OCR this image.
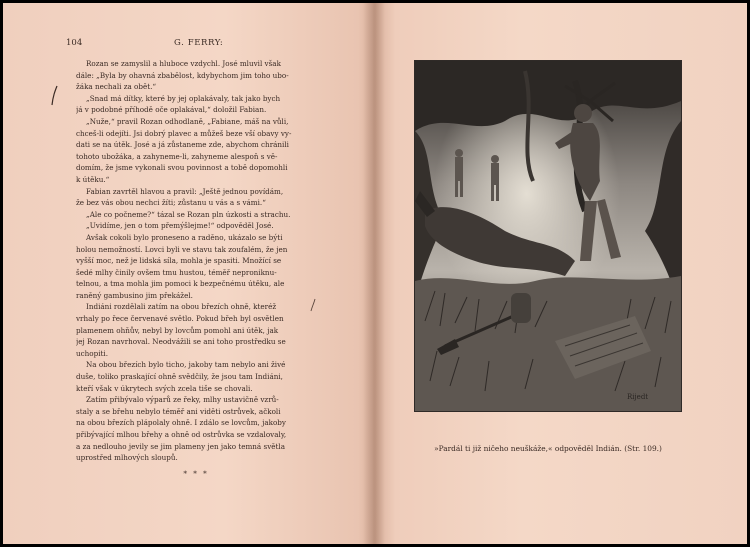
104	G. FERRY:
Rozan se zamyslil a hluboce vzdychl. José mluvil však
dále: „Byla by ohavná zbabělost, kdybychom jim toho ubo-
žáka nechali za obět.“
„Snad má dítky, které by jej oplakávaly, tak jako bych
já v podobné příhodě oče oplakával,“ doložil Fabian.
„Nuže,“ pravil Rozan odhodlaně, „Fabiane, máš na vůli,
chceš-li odejíti. Jsi dobrý plavec a můžeš beze vší obavy vy-
dati se na útěk. José a já zůstaneme zde, abychom chránili
tohoto ubožáka, a zahyneme-li, zahyneme alespoň s vě-
domím, že jsme vykonali svou povinnost a tobě dopomohli
k útěku.“
Fabian zavrtěl hlavou a pravil: „Ještě jednou povídám,
že bez vás obou nechci žíti; zůstanu u vás a s vámi.“
„Ale co počneme?“ tázal se Rozan pln úzkosti a strachu.
„Uvidíme, jen o tom přemýšlejme!“ odpověděl José.
Avšak cokoli bylo proneseno a raděno, ukázalo se býti
holou nemožností. Lovci byli ve stavu tak zoufalém, že jen
vyšší moc, než je lidská síla, mohla je spasiti. Množící se
šedé mlhy činily ovšem tmu hustou, téměř neproniknu-
telnou, a tma mohla jim pomoci k bezpečnému útěku, ale
raněný gambusino jim překážel.
Indiáni rozdělali zatím na obou březích ohně, kteréž
vrhaly po řece červenavé světlo. Pokud břeh byl osvětlen
plamenem ohňův, nebyl by lovcům pomohl ani útěk, jak
jej Rozan navrhoval. Neodvážili se ani toho prostředku se
uchopiti.
Na obou březích bylo ticho, jakoby tam nebylo ani živé
duše, toliko praskající ohně svědčily, že jsou tam Indiáni,
kteří však v úkrytech svých zcela tiše se chovali.
Zatím přibývalo výparů ze řeky, mlhy ustavičně vzrů-
staly a se břehu nebylo téměř ani viděti ostrůvek, ačkoli
na obou březích plápolaly ohně. I zdálo se lovcům, jakoby
přibývající mlhou břehy a ohně od ostrůvka se vzdalovaly,
a za nedlouho jevily se jim plameny jen jako temná světla
uprostřed mlhových sloupů.
* * *
Rijedt
»Pardál ti již ničeho neuškáže,« odpověděl Indián. (Str. 109.)
